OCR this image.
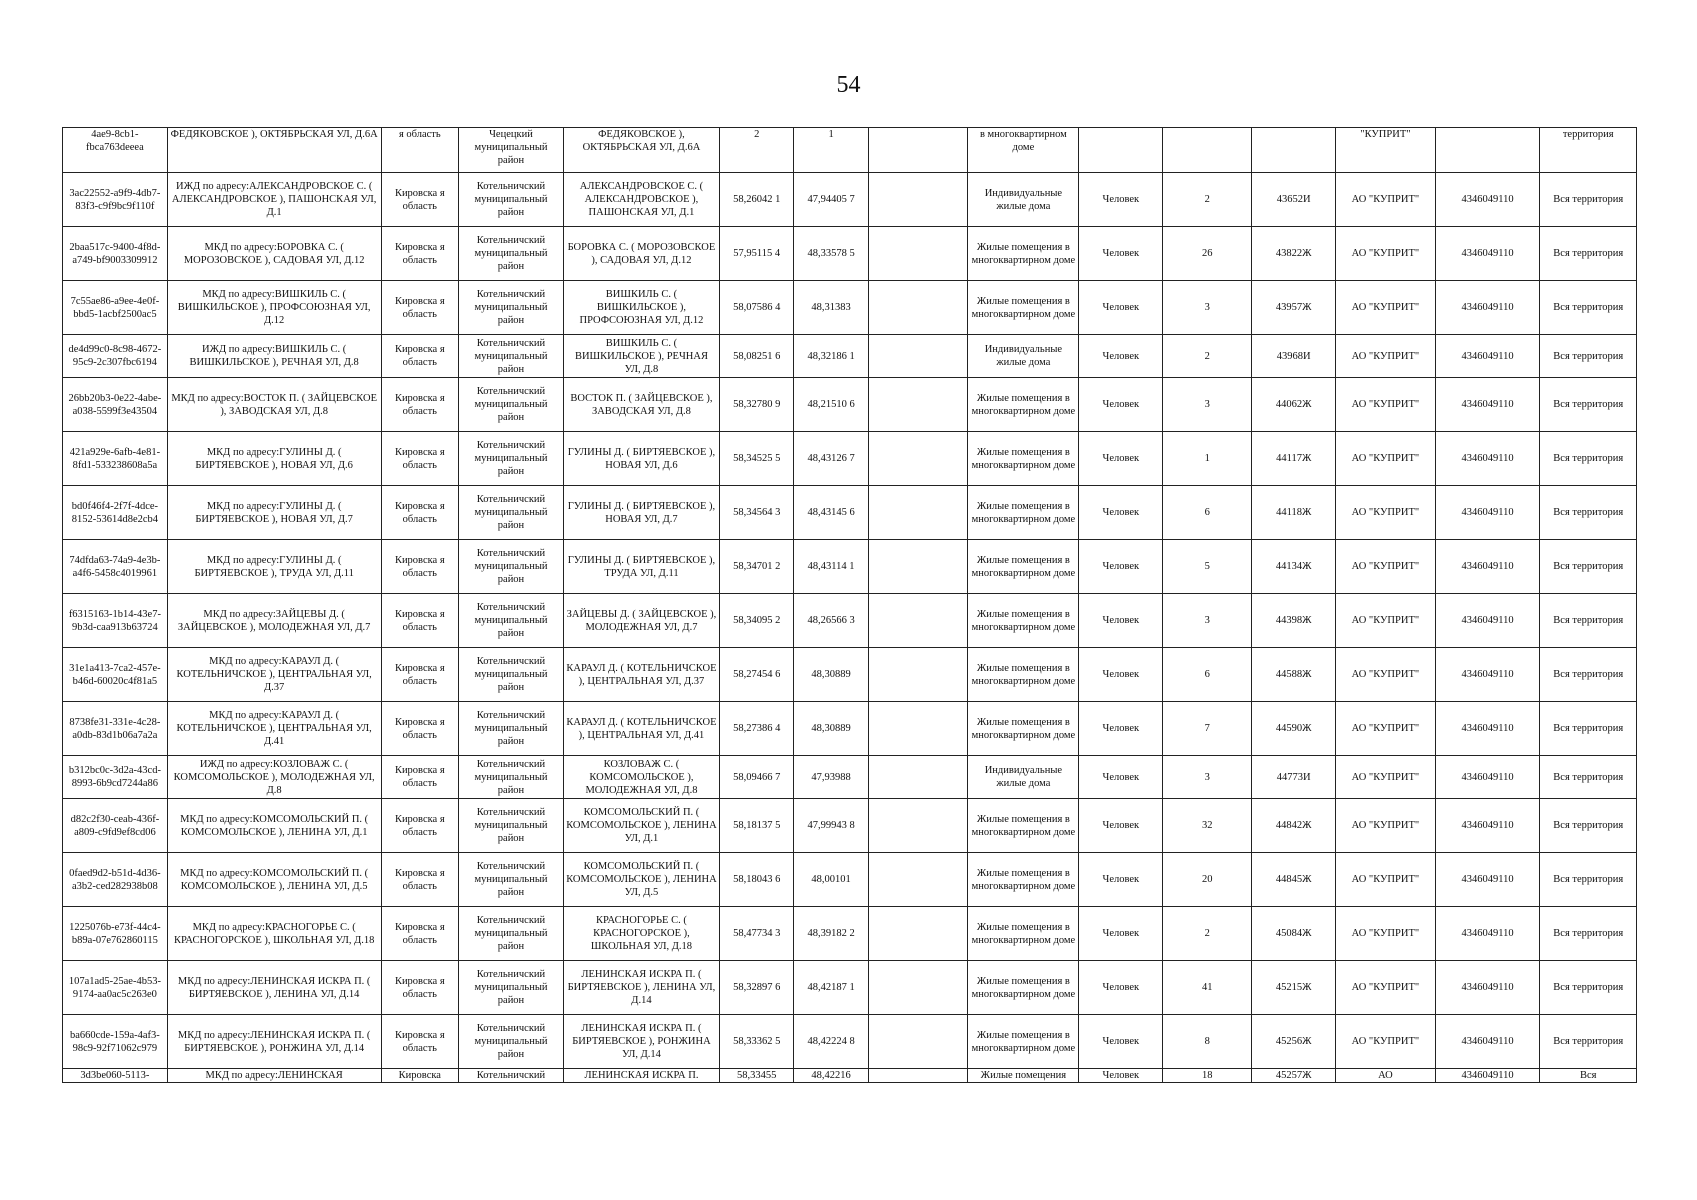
54
4ae9-8cb1-fbca763deeea	ФЕДЯКОВСКОЕ ), ОКТЯБРЬСКАЯ УЛ, Д.6А	я область	Чецецкий муниципальный район	ФЕДЯКОВСКОЕ ), ОКТЯБРЬСКАЯ УЛ, Д.6А	2	1		в многоквартирном доме				"КУПРИТ"		территория
3ac22552-a9f9-4db7-83f3-c9f9bc9f110f	ИЖД по адресу:АЛЕКСАНДРОВСКОЕ С. ( АЛЕКСАНДРОВСКОЕ ), ПАШОНСКАЯ УЛ, Д.1	Кировска я область	Котельничский муниципальный район	АЛЕКСАНДРОВСКОЕ С. ( АЛЕКСАНДРОВСКОЕ ), ПАШОНСКАЯ УЛ, Д.1	58,26042 1	47,94405 7		Индивидуальные жилые дома	Человек	2	43652И	АО "КУПРИТ"	4346049110	Вся территория
2baa517c-9400-4f8d-a749-bf9003309912	МКД по адресу:БОРОВКА С. ( МОРОЗОВСКОЕ ), САДОВАЯ УЛ, Д.12	Кировска я область	Котельничский муниципальный район	БОРОВКА С. ( МОРОЗОВСКОЕ ), САДОВАЯ УЛ, Д.12	57,95115 4	48,33578 5		Жилые помещения в многоквартирном доме	Человек	26	43822Ж	АО "КУПРИТ"	4346049110	Вся территория
7c55ae86-a9ee-4e0f-bbd5-1acbf2500ac5	МКД по адресу:ВИШКИЛЬ С. ( ВИШКИЛЬСКОЕ ), ПРОФСОЮЗНАЯ УЛ, Д.12	Кировска я область	Котельничский муниципальный район	ВИШКИЛЬ С. ( ВИШКИЛЬСКОЕ ), ПРОФСОЮЗНАЯ УЛ, Д.12	58,07586 4	48,31383		Жилые помещения в многоквартирном доме	Человек	3	43957Ж	АО "КУПРИТ"	4346049110	Вся территория
de4d99c0-8c98-4672-95c9-2c307fbc6194	ИЖД по адресу:ВИШКИЛЬ С. ( ВИШКИЛЬСКОЕ ), РЕЧНАЯ УЛ, Д.8	Кировска я область	Котельничский муниципальный район	ВИШКИЛЬ С. ( ВИШКИЛЬСКОЕ ), РЕЧНАЯ УЛ, Д.8	58,08251 6	48,32186 1		Индивидуальные жилые дома	Человек	2	43968И	АО "КУПРИТ"	4346049110	Вся территория
26bb20b3-0e22-4abe-a038-5599f3e43504	МКД по адресу:ВОСТОК П. ( ЗАЙЦЕВСКОЕ ), ЗАВОДСКАЯ УЛ, Д.8	Кировска я область	Котельничский муниципальный район	ВОСТОК П. ( ЗАЙЦЕВСКОЕ ), ЗАВОДСКАЯ УЛ, Д.8	58,32780 9	48,21510 6		Жилые помещения в многоквартирном доме	Человек	3	44062Ж	АО "КУПРИТ"	4346049110	Вся территория
421a929e-6afb-4e81-8fd1-533238608a5a	МКД по адресу:ГУЛИНЫ Д. ( БИРТЯЕВСКОЕ ), НОВАЯ УЛ, Д.6	Кировска я область	Котельничский муниципальный район	ГУЛИНЫ Д. ( БИРТЯЕВСКОЕ ), НОВАЯ УЛ, Д.6	58,34525 5	48,43126 7		Жилые помещения в многоквартирном доме	Человек	1	44117Ж	АО "КУПРИТ"	4346049110	Вся территория
bd0f46f4-2f7f-4dce-8152-53614d8e2cb4	МКД по адресу:ГУЛИНЫ Д. ( БИРТЯЕВСКОЕ ), НОВАЯ УЛ, Д.7	Кировска я область	Котельничский муниципальный район	ГУЛИНЫ Д. ( БИРТЯЕВСКОЕ ), НОВАЯ УЛ, Д.7	58,34564 3	48,43145 6		Жилые помещения в многоквартирном доме	Человек	6	44118Ж	АО "КУПРИТ"	4346049110	Вся территория
74dfda63-74a9-4e3b-a4f6-5458c4019961	МКД по адресу:ГУЛИНЫ Д. ( БИРТЯЕВСКОЕ ), ТРУДА УЛ, Д.11	Кировска я область	Котельничский муниципальный район	ГУЛИНЫ Д. ( БИРТЯЕВСКОЕ ), ТРУДА УЛ, Д.11	58,34701 2	48,43114 1		Жилые помещения в многоквартирном доме	Человек	5	44134Ж	АО "КУПРИТ"	4346049110	Вся территория
f6315163-1b14-43e7-9b3d-caa913b63724	МКД по адресу:ЗАЙЦЕВЫ Д. ( ЗАЙЦЕВСКОЕ ), МОЛОДЕЖНАЯ УЛ, Д.7	Кировска я область	Котельничский муниципальный район	ЗАЙЦЕВЫ Д. ( ЗАЙЦЕВСКОЕ ), МОЛОДЕЖНАЯ УЛ, Д.7	58,34095 2	48,26566 3		Жилые помещения в многоквартирном доме	Человек	3	44398Ж	АО "КУПРИТ"	4346049110	Вся территория
31e1a413-7ca2-457e-b46d-60020c4f81a5	МКД по адресу:КАРАУЛ Д. ( КОТЕЛЬНИЧСКОЕ ), ЦЕНТРАЛЬНАЯ УЛ, Д.37	Кировска я область	Котельничский муниципальный район	КАРАУЛ Д. ( КОТЕЛЬНИЧСКОЕ ), ЦЕНТРАЛЬНАЯ УЛ, Д.37	58,27454 6	48,30889		Жилые помещения в многоквартирном доме	Человек	6	44588Ж	АО "КУПРИТ"	4346049110	Вся территория
8738fe31-331e-4c28-a0db-83d1b06a7a2a	МКД по адресу:КАРАУЛ Д. ( КОТЕЛЬНИЧСКОЕ ), ЦЕНТРАЛЬНАЯ УЛ, Д.41	Кировска я область	Котельничский муниципальный район	КАРАУЛ Д. ( КОТЕЛЬНИЧСКОЕ ), ЦЕНТРАЛЬНАЯ УЛ, Д.41	58,27386 4	48,30889		Жилые помещения в многоквартирном доме	Человек	7	44590Ж	АО "КУПРИТ"	4346049110	Вся территория
b312bc0c-3d2a-43cd-8993-6b9cd7244a86	ИЖД по адресу:КОЗЛОВАЖ С. ( КОМСОМОЛЬСКОЕ ), МОЛОДЕЖНАЯ УЛ, Д.8	Кировска я область	Котельничский муниципальный район	КОЗЛОВАЖ С. ( КОМСОМОЛЬСКОЕ ), МОЛОДЕЖНАЯ УЛ, Д.8	58,09466 7	47,93988		Индивидуальные жилые дома	Человек	3	44773И	АО "КУПРИТ"	4346049110	Вся территория
d82c2f30-ceab-436f-a809-c9fd9ef8cd06	МКД по адресу:КОМСОМОЛЬСКИЙ П. ( КОМСОМОЛЬСКОЕ ), ЛЕНИНА УЛ, Д.1	Кировска я область	Котельничский муниципальный район	КОМСОМОЛЬСКИЙ П. ( КОМСОМОЛЬСКОЕ ), ЛЕНИНА УЛ, Д.1	58,18137 5	47,99943 8		Жилые помещения в многоквартирном доме	Человек	32	44842Ж	АО "КУПРИТ"	4346049110	Вся территория
0faed9d2-b51d-4d36-a3b2-ced282938b08	МКД по адресу:КОМСОМОЛЬСКИЙ П. ( КОМСОМОЛЬСКОЕ ), ЛЕНИНА УЛ, Д.5	Кировска я область	Котельничский муниципальный район	КОМСОМОЛЬСКИЙ П. ( КОМСОМОЛЬСКОЕ ), ЛЕНИНА УЛ, Д.5	58,18043 6	48,00101		Жилые помещения в многоквартирном доме	Человек	20	44845Ж	АО "КУПРИТ"	4346049110	Вся территория
1225076b-e73f-44c4-b89a-07e762860115	МКД по адресу:КРАСНОГОРЬЕ С. ( КРАСНОГОРСКОЕ ), ШКОЛЬНАЯ УЛ, Д.18	Кировска я область	Котельничский муниципальный район	КРАСНОГОРЬЕ С. ( КРАСНОГОРСКОЕ ), ШКОЛЬНАЯ УЛ, Д.18	58,47734 3	48,39182 2		Жилые помещения в многоквартирном доме	Человек	2	45084Ж	АО "КУПРИТ"	4346049110	Вся территория
107a1ad5-25ae-4b53-9174-aa0ac5c263e0	МКД по адресу:ЛЕНИНСКАЯ ИСКРА П. ( БИРТЯЕВСКОЕ ), ЛЕНИНА УЛ, Д.14	Кировска я область	Котельничский муниципальный район	ЛЕНИНСКАЯ ИСКРА П. ( БИРТЯЕВСКОЕ ), ЛЕНИНА УЛ, Д.14	58,32897 6	48,42187 1		Жилые помещения в многоквартирном доме	Человек	41	45215Ж	АО "КУПРИТ"	4346049110	Вся территория
ba660cde-159a-4af3-98c9-92f71062c979	МКД по адресу:ЛЕНИНСКАЯ ИСКРА П. ( БИРТЯЕВСКОЕ ), РОНЖИНА УЛ, Д.14	Кировска я область	Котельничский муниципальный район	ЛЕНИНСКАЯ ИСКРА П. ( БИРТЯЕВСКОЕ ), РОНЖИНА УЛ, Д.14	58,33362 5	48,42224 8		Жилые помещения в многоквартирном доме	Человек	8	45256Ж	АО "КУПРИТ"	4346049110	Вся территория
3d3be060-5113-	МКД по адресу:ЛЕНИНСКАЯ	Кировска	Котельничский	ЛЕНИНСКАЯ ИСКРА П.	58,33455	48,42216		Жилые помещения	Человек	18	45257Ж	АО	4346049110	Вся
